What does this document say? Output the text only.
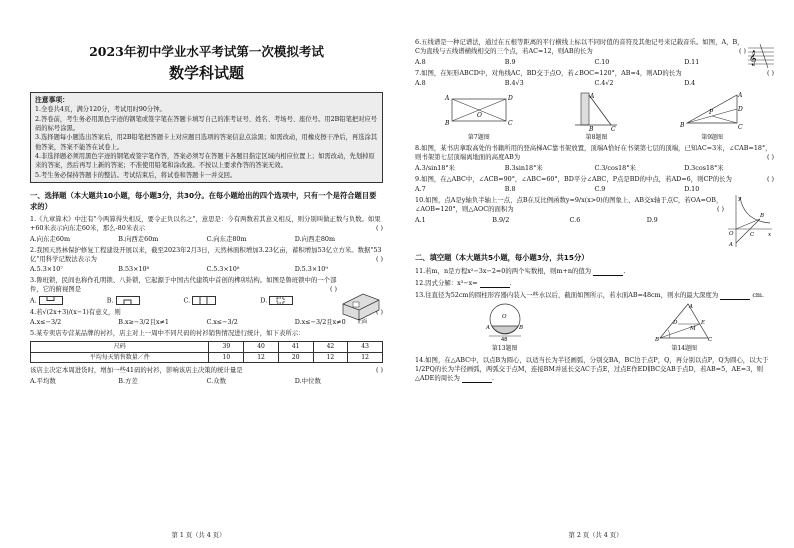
2023年初中学业水平考试第一次模拟考试
数学科试题
注意事项：
1.全卷共4页，满分120分，考试用时90分钟。
2.答卷前，考生务必用黑色字迹的钢笔或签字笔在答题卡填写自己的准考证号、姓名、考场号、座位号。用2B铅笔把对应号码的标号涂黑。
3.选择题每小题选出答案后，用2B铅笔把答题卡上对应题目选项的答案信息点涂黑；如需改动，用橡皮擦干净后，再选涂其他答案，答案不能答在试卷上。
4.非选择题必须用黑色字迹的钢笔或签字笔作答，答案必须写在答题卡各题目指定区域内相应位置上；如需改动，先划掉原来的答案，然后再写上新的答案；不准使用铅笔和涂改液。不按以上要求作答的答案无效。
5.考生务必保持答题卡的整洁。考试结束后，将试卷和答题卡一并交回。
一、选择题（本大题共10小题，每小题3分，共30分。在每小题给出的四个选项中，只有一个是符合题目要求的）
1.《九章算术》中注有"今两算得失相反，要令正负以名之"，意思是：今有两数若其意义相反，则分别叫做正数与负数。如果+60米表示向东走60米，那么-80米表示	( )
A.向东走60m	B.向西走60m	C.向东走80m	D.向西走80m
2.我国天然林保护修复工程建设开展以来，截至2023年2月3日，天然林面积增加3.23亿亩，蓄积增加53亿立方米。数据"53亿"用科学记数法表示为	( )
A.5.3×10⁷	B.53×10⁸	C.5.3×10⁸	D.5.3×10⁹
3.鲁班锁，民间也称作孔明锁、八卦锁，它起源于中国古代建筑中首创的榫卯结构。如图是鲁班锁中的一个部件，它的俯视图是	( )
正面
A.	B.	C.	D.
4.若√(2x+3)/(x−1)有意义，则	( )
A.x≤−3/2	B.x≥−3/2且x≠1	C.x≤−3/2	D.x≤−3/2且x≠0
5.某专卖店专营某品牌的衬衫，店主对上一周中不同尺码的衬衫销售情况进行统计，如下表所示：
尺码	39	40	41	42	43
平均每天销售数量／件	10	12	20	12	12
该店主决定本周进货时，增加一些41码的衬衫，影响该店主决策的统计量是	( )
A.平均数	B.方差	C.众数	D.中位数
第 1 页（共 4 页）
6.五线谱是一种记谱法，通过在五根等距离的平行横线上标以不同时值的音符及其他记号来记载音乐。如图，A，B，C为直线与五线谱横线相交的三个点，若AC=12，则AB的长为	( ) 𝄞
A.8	B.9	C.10	D.11
7.如图，在矩形ABCD中，对角线AC，BD交于点O，若∠BOC=120°，AB=4，则AD的长为	( )
A.8	B.4√3	C.4√2	D.4
A	D
B	C
O
第7题图
A
B	C
第8题图
B	C
A
D
P
第9题图
8.如图，某书店拿取高处的书籍所用的登高梯AC靠书架放置，顶端A恰好在书架第七层的顶端，已知AC=3米，∠CAB=18°，则书架第七层顶端离地面的高度AB为	( )
A.3/sin18°米	B.3sin18°米	C.3/cos18°米	D.3cos18°米
9.如图，在△ABC中，∠ACB=90°，∠ABC=60°，BD平分∠ABC，P点是BD的中点，若AD=6，则CP的长为	( )
A.7	B.8	C.9	D.10
10.如图，点A是y轴负半轴上一点，点B在反比例函数y=9/x(x>0)的图象上，AB交x轴于点C，若OA=OB，∠AOB=120°，则△AOC的面积为	( )
A.1	B.9/2	C.6	D.9
O
A
B
C	x
y
二、填空题（本大题共5小题，每小题3分，共15分）
11.若m，n是方程x²−3x−2=0的两个实数根，则m+n的值为	.
12.因式分解：x³−x=	.
13.往直径为52cm的圆柱形容器内装入一些水以后，截面如图所示，若水面AB=48cm，则水的最大深度为	cm.
O
A	B
48
第13题图
A
B	C
D	E
M
第14题图
14.如图，在△ABC中，以点B为圆心，以适当长为半径画弧，分别交BA，BC边于点P，Q，再分别以点P，Q为圆心，以大于1/2PQ的长为半径画弧，两弧交于点M，连接BM并延长交AC于点E，过点E作ED∥BC交AB于点D，若AB=5，AE=3，则△ADE的周长为	.
第 2 页（共 4 页）
